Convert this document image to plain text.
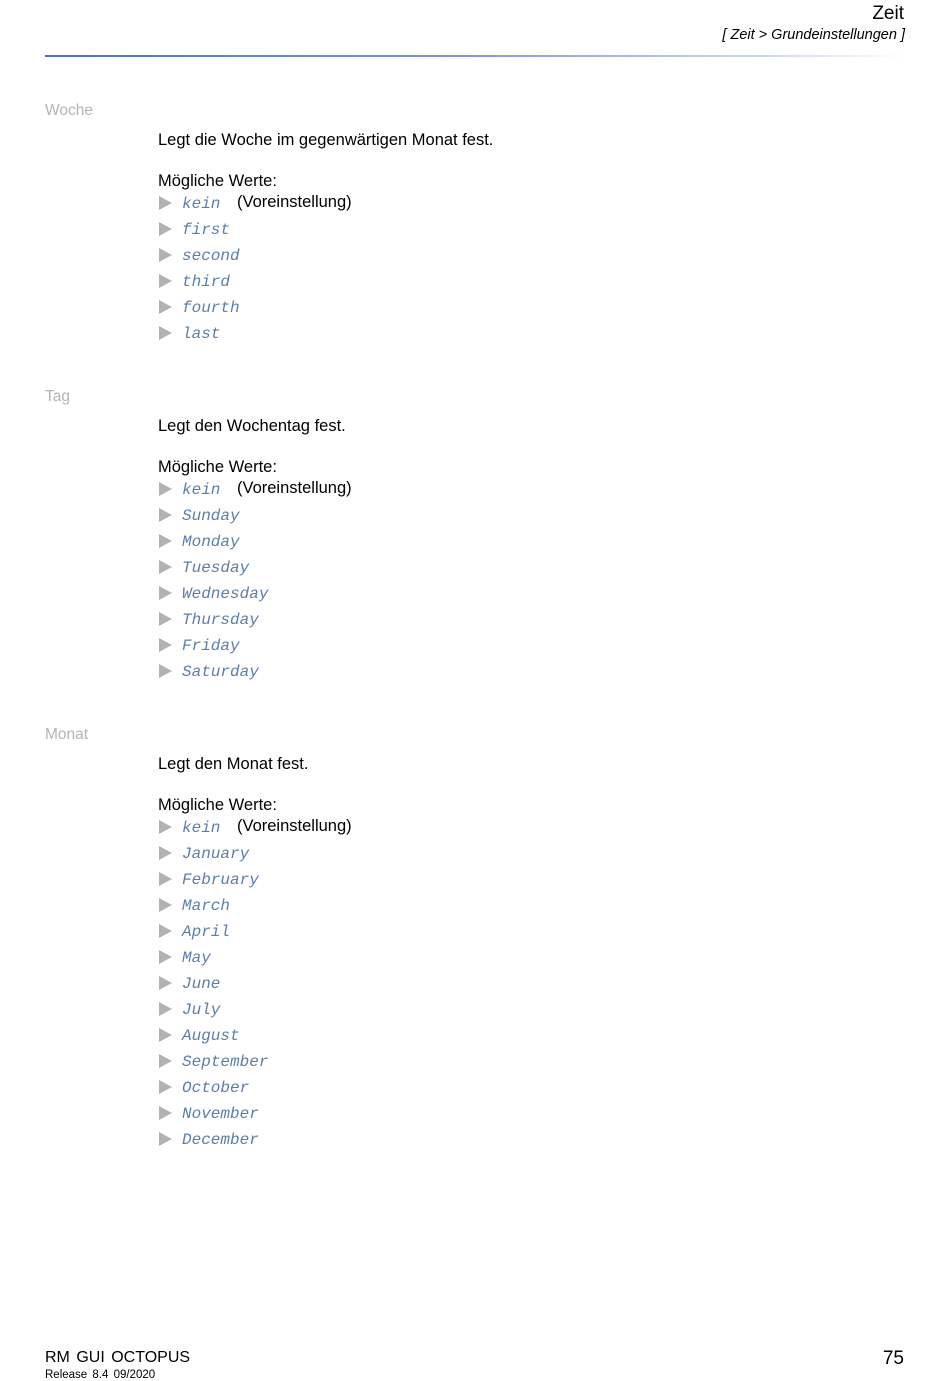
Zeit
[ Zeit > Grundeinstellungen ]
Woche
Legt die Woche im gegenwärtigen Monat fest.
Mögliche Werte:
kein (Voreinstellung)
first
second
third
fourth
last
Tag
Legt den Wochentag fest.
Mögliche Werte:
kein (Voreinstellung)
Sunday
Monday
Tuesday
Wednesday
Thursday
Friday
Saturday
Monat
Legt den Monat fest.
Mögliche Werte:
kein (Voreinstellung)
January
February
March
April
May
June
July
August
September
October
November
December
RM GUI OCTOPUS
Release 8.4 09/2020
75
